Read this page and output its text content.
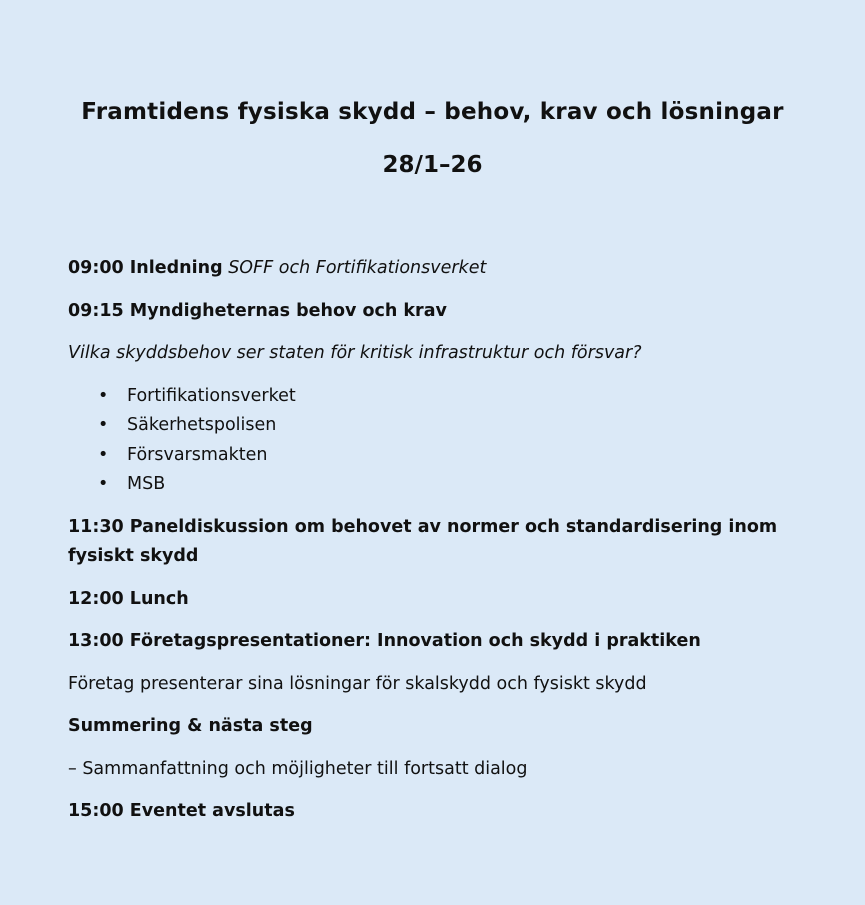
Framtidens fysiska skydd – behov, krav och lösningar
28/1–26

09:00 Inledning SOFF och Fortifikationsverket

09:15 Myndigheternas behov och krav

Vilka skyddsbehov ser staten för kritisk infrastruktur och försvar?

• Fortifikationsverket
• Säkerhetspolisen
• Försvarsmakten
• MSB

11:30 Paneldiskussion om behovet av normer och standardisering inom fysiskt skydd

12:00 Lunch

13:00 Företagspresentationer: Innovation och skydd i praktiken

Företag presenterar sina lösningar för skalskydd och fysiskt skydd

Summering & nästa steg

– Sammanfattning och möjligheter till fortsatt dialog

15:00 Eventet avslutas
